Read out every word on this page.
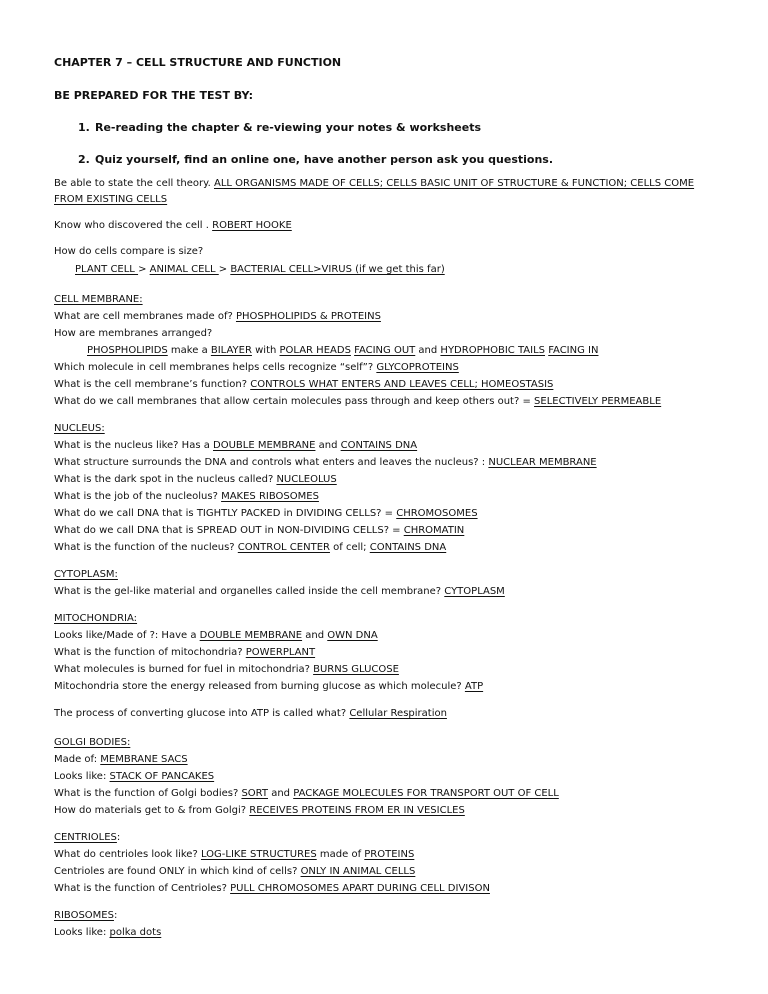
CHAPTER 7 – CELL STRUCTURE AND FUNCTION
BE PREPARED FOR THE TEST BY:
1. Re-reading the chapter & re-viewing your notes & worksheets
2. Quiz yourself, find an online one, have another person ask you questions.
Be able to state the cell theory. ALL ORGANISMS MADE OF CELLS; CELLS BASIC UNIT OF STRUCTURE & FUNCTION; CELLS COME
FROM EXISTING CELLS
Know who discovered the cell . ROBERT HOOKE
How do cells compare is size?
PLANT CELL > ANIMAL CELL > BACTERIAL CELL>VIRUS (if we get this far)
CELL MEMBRANE:
What are cell membranes made of? PHOSPHOLIPIDS & PROTEINS
How are membranes arranged?
PHOSPHOLIPIDS make a BILAYER with POLAR HEADS FACING OUT and HYDROPHOBIC TAILS FACING IN
Which molecule in cell membranes helps cells recognize “self”? GLYCOPROTEINS
What is the cell membrane’s function? CONTROLS WHAT ENTERS AND LEAVES CELL; HOMEOSTASIS
What do we call membranes that allow certain molecules pass through and keep others out? = SELECTIVELY PERMEABLE
NUCLEUS:
What is the nucleus like? Has a DOUBLE MEMBRANE and CONTAINS DNA
What structure surrounds the DNA and controls what enters and leaves the nucleus? : NUCLEAR MEMBRANE
What is the dark spot in the nucleus called? NUCLEOLUS
What is the job of the nucleolus? MAKES RIBOSOMES
What do we call DNA that is TIGHTLY PACKED in DIVIDING CELLS? = CHROMOSOMES
What do we call DNA that is SPREAD OUT in NON-DIVIDING CELLS? = CHROMATIN
What is the function of the nucleus? CONTROL CENTER of cell; CONTAINS DNA
CYTOPLASM:
What is the gel-like material and organelles called inside the cell membrane? CYTOPLASM
MITOCHONDRIA:
Looks like/Made of ?: Have a DOUBLE MEMBRANE and OWN DNA
What is the function of mitochondria? POWERPLANT
What molecules is burned for fuel in mitochondria? BURNS GLUCOSE
Mitochondria store the energy released from burning glucose as which molecule? ATP
The process of converting glucose into ATP is called what? Cellular Respiration
GOLGI BODIES:
Made of: MEMBRANE SACS
Looks like: STACK OF PANCAKES
What is the function of Golgi bodies? SORT and PACKAGE MOLECULES FOR TRANSPORT OUT OF CELL
How do materials get to & from Golgi? RECEIVES PROTEINS FROM ER IN VESICLES
CENTRIOLES:
What do centrioles look like? LOG-LIKE STRUCTURES made of PROTEINS
Centrioles are found ONLY in which kind of cells? ONLY IN ANIMAL CELLS
What is the function of Centrioles? PULL CHROMOSOMES APART DURING CELL DIVISON
RIBOSOMES:
Looks like: polka dots
